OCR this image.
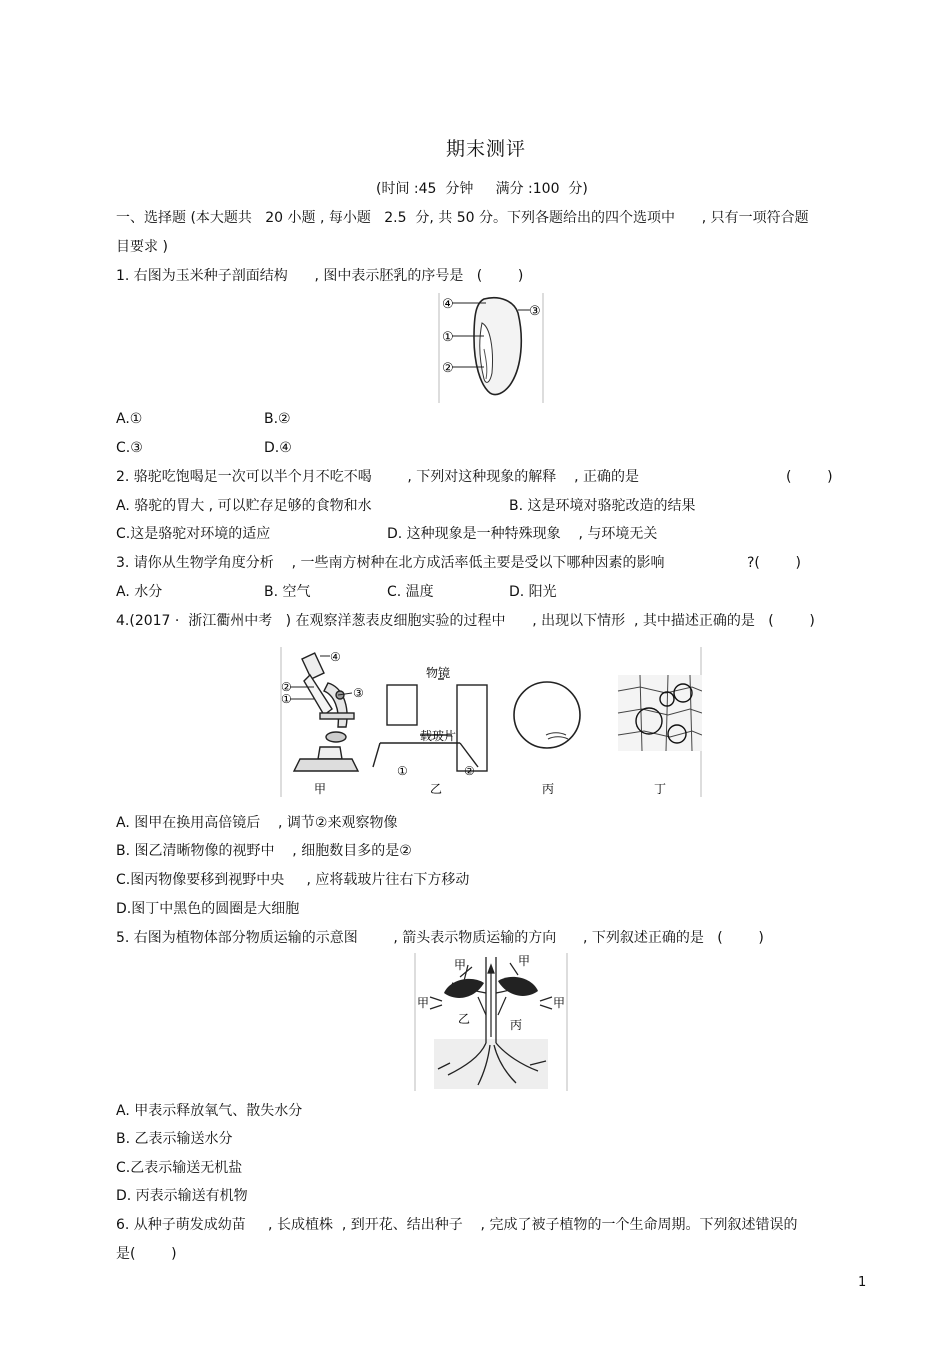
期末测评
(时间 :45  分钟     满分 :100  分)
一、选择题 (本大题共   20 小题 , 每小题   2.5  分, 共 50 分。下列各题给出的四个选项中      , 只有一项符合题
目要求 )
1. 右图为玉米种子剖面结构      , 图中表示胚乳的序号是   (        )
④
①
②
③
A.①	B.②
C.③	D.④
2. 骆驼吃饱喝足一次可以半个月不吃不喝        , 下列对这种现象的解释    , 正确的是	(        )
A. 骆驼的胃大 , 可以贮存足够的食物和水	B. 这是环境对骆驼改造的结果
C.这是骆驼对环境的适应	D. 这种现象是一种特殊现象    , 与环境无关
3. 请你从生物学角度分析    , 一些南方树种在北方成活率低主要是受以下哪种因素的影响	?(        )
A. 水分	B. 空气	C. 温度	D. 阳光
4.(2017 ·  浙江衢州中考   ) 在观察洋葱表皮细胞实验的过程中      , 出现以下情形  , 其中描述正确的是   (        )
④
②
①	③
物镜
载玻片
①	②
甲	乙	丙	丁
A. 图甲在换用高倍镜后    , 调节②来观察物像
B. 图乙清晰物像的视野中    , 细胞数目多的是②
C.图丙物像要移到视野中央     , 应将载玻片往右下方移动
D.图丁中黑色的圆圈是大细胞
5. 右图为植物体部分物质运输的示意图        , 箭头表示物质运输的方向      , 下列叙述正确的是   (        )
甲
甲
甲
甲
乙	丙
A. 甲表示释放氧气、散失水分
B. 乙表示输送水分
C.乙表示输送无机盐
D. 丙表示输送有机物
6. 从种子萌发成幼苗     , 长成植株  , 到开花、结出种子    , 完成了被子植物的一个生命周期。下列叙述错误的
是(        )
1
